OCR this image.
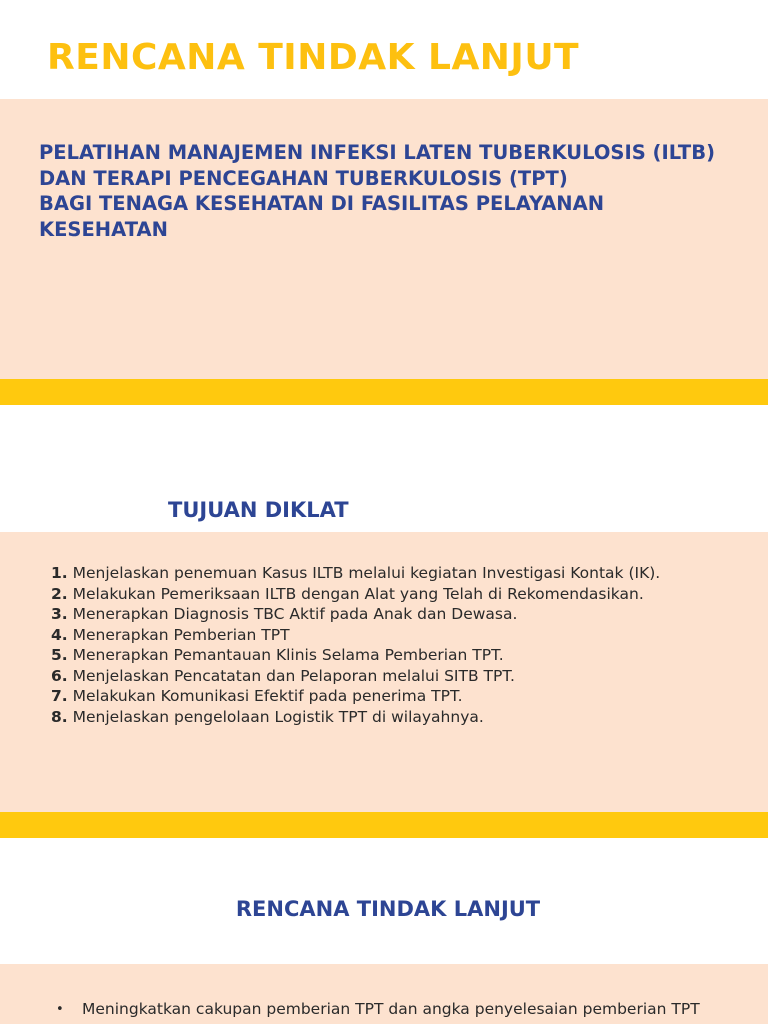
RENCANA TINDAK LANJUT
PELATIHAN MANAJEMEN INFEKSI LATEN TUBERKULOSIS (ILTB)
DAN TERAPI PENCEGAHAN TUBERKULOSIS (TPT)
BAGI TENAGA KESEHATAN DI FASILITAS PELAYANAN KESEHATAN
TUJUAN DIKLAT
1. Menjelaskan penemuan Kasus ILTB melalui kegiatan Investigasi Kontak (IK).
2. Melakukan Pemeriksaan ILTB dengan Alat yang Telah di Rekomendasikan.
3. Menerapkan Diagnosis TBC Aktif pada Anak dan Dewasa.
4. Menerapkan Pemberian TPT
5. Menerapkan Pemantauan Klinis Selama Pemberian TPT.
6. Menjelaskan Pencatatan dan Pelaporan melalui SITB TPT.
7. Melakukan Komunikasi Efektif pada penerima TPT.
8. Menjelaskan pengelolaan Logistik TPT di wilayahnya.
RENCANA TINDAK LANJUT
• Meningkatkan cakupan pemberian TPT dan angka penyelesaian pemberian TPT
